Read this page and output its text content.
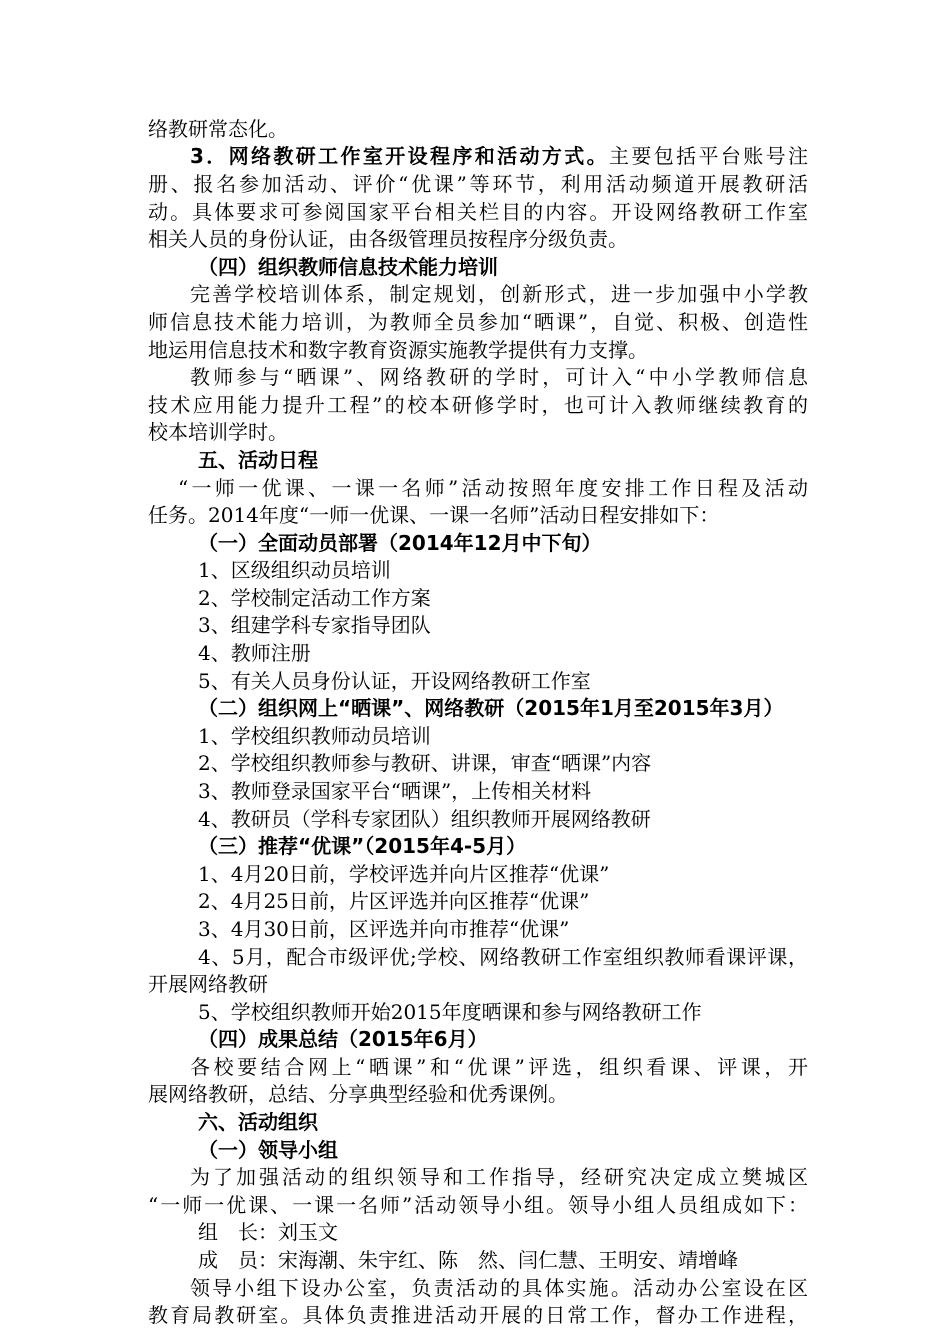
络教研常态化。
3．网络教研工作室开设程序和活动方式。主要包括平台账号注
册、报名参加活动、评价“优课”等环节，利用活动频道开展教研活
动。具体要求可参阅国家平台相关栏目的内容。开设网络教研工作室
相关人员的身份认证，由各级管理员按程序分级负责。
（四）组织教师信息技术能力培训
完善学校培训体系，制定规划，创新形式，进一步加强中小学教
师信息技术能力培训，为教师全员参加“晒课”，自觉、积极、创造性
地运用信息技术和数字教育资源实施教学提供有力支撑。
教师参与“晒课”、网络教研的学时，可计入“中小学教师信息
技术应用能力提升工程”的校本研修学时，也可计入教师继续教育的
校本培训学时。
五、活动日程
“一师一优课、一课一名师”活动按照年度安排工作日程及活动
任务。2014年度“一师一优课、一课一名师”活动日程安排如下：
（一）全面动员部署（2014年12月中下旬）
1、区级组织动员培训
2、学校制定活动工作方案
3、组建学科专家指导团队
4、教师注册
5、有关人员身份认证，开设网络教研工作室
（二）组织网上“晒课”、网络教研（2015年1月至2015年3月）
1、学校组织教师动员培训
2、学校组织教师参与教研、讲课，审查“晒课”内容
3、教师登录国家平台“晒课”，上传相关材料
4、教研员（学科专家团队）组织教师开展网络教研
（三）推荐“优课”（2015年4-5月）
1、4月20日前，学校评选并向片区推荐“优课”
2、4月25日前，片区评选并向区推荐“优课”
3、4月30日前，区评选并向市推荐“优课”
4、5月，配合市级评优;学校、网络教研工作室组织教师看课评课，
开展网络教研
5、学校组织教师开始2015年度晒课和参与网络教研工作
（四）成果总结（2015年6月）
各校要结合网上“晒课”和“优课”评选，组织看课、评课，开
展网络教研，总结、分享典型经验和优秀课例。
六、活动组织
（一）领导小组
为了加强活动的组织领导和工作指导，经研究决定成立樊城区
“一师一优课、一课一名师”活动领导小组。领导小组人员组成如下：
组　长：刘玉文
成　员：宋海潮、朱宇红、陈　然、闫仁慧、王明安、靖增峰
领导小组下设办公室，负责活动的具体实施。活动办公室设在区
教育局教研室。具体负责推进活动开展的日常工作，督办工作进程，
